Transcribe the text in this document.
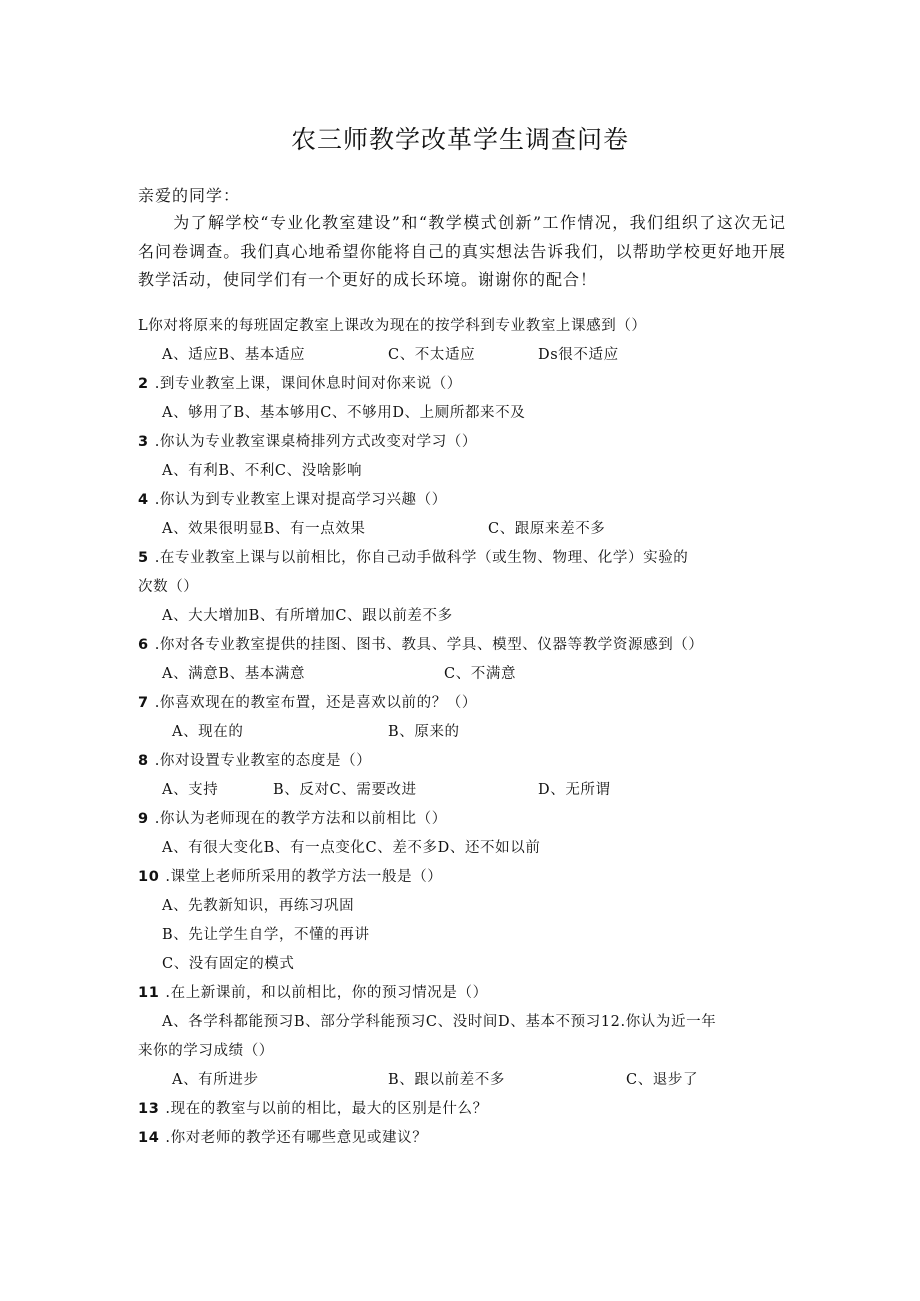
农三师教学改革学生调查问卷
亲爱的同学：
为了解学校“专业化教室建设”和“教学模式创新”工作情况，我们组织了这次无记名问卷调查。我们真心地希望你能将自己的真实想法告诉我们，以帮助学校更好地开展教学活动，使同学们有一个更好的成长环境。谢谢你的配合！
L你对将原来的每班固定教室上课改为现在的按学科到专业教室上课感到（）
A、适应B、基本适应	C、不太适应	Ds很不适应
2 .到专业教室上课，课间休息时间对你来说（）
A、够用了B、基本够用C、不够用D、上厕所都来不及
3 .你认为专业教室课桌椅排列方式改变对学习（）
A、有利B、不利C、没啥影响
4 .你认为到专业教室上课对提高学习兴趣（）
A、效果很明显B、有一点效果	C、跟原来差不多
5 .在专业教室上课与以前相比，你自己动手做科学（或生物、物理、化学）实验的
次数（）
A、大大增加B、有所增加C、跟以前差不多
6 .你对各专业教室提供的挂图、图书、教具、学具、模型、仪器等教学资源感到（）
A、满意B、基本满意	C、不满意
7 .你喜欢现在的教室布置，还是喜欢以前的？（）
A、现在的	B、原来的
8 .你对设置专业教室的态度是（）
A、支持	B、反对C、需要改进	D、无所谓
9 .你认为老师现在的教学方法和以前相比（）
A、有很大变化B、有一点变化C、差不多D、还不如以前
10 .课堂上老师所采用的教学方法一般是（）
A、先教新知识，再练习巩固
B、先让学生自学，不懂的再讲
C、没有固定的模式
11 .在上新课前，和以前相比，你的预习情况是（）
A、各学科都能预习B、部分学科能预习C、没时间D、基本不预习12.你认为近一年
来你的学习成绩（）
A、有所进步	B、跟以前差不多	C、退步了
13 .现在的教室与以前的相比，最大的区别是什么？
14 .你对老师的教学还有哪些意见或建议？
